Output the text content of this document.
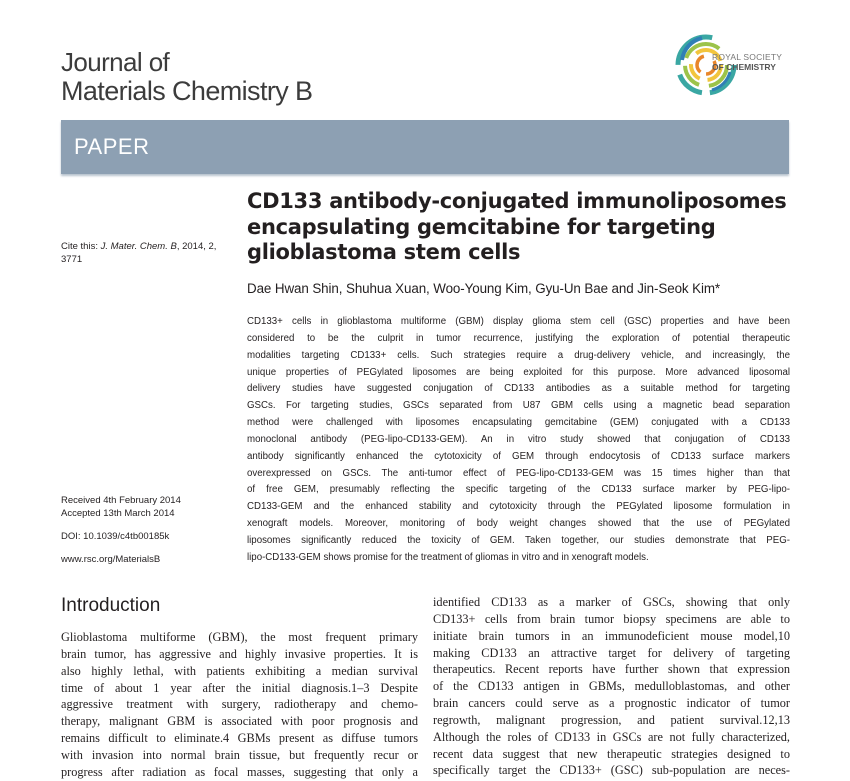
Journal of
Materials Chemistry B
ROYAL SOCIETY
OF CHEMISTRY
PAPER
CD133 antibody-conjugated immunoliposomes
encapsulating gemcitabine for targeting
glioblastoma stem cells
Cite this: J. Mater. Chem. B, 2014, 2,
3771
Dae Hwan Shin, Shuhua Xuan, Woo-Young Kim, Gyu-Un Bae and Jin-Seok Kim*
CD133+ cells in glioblastoma multiforme (GBM) display glioma stem cell (GSC) properties and have been
considered to be the culprit in tumor recurrence, justifying the exploration of potential therapeutic
modalities targeting CD133+ cells. Such strategies require a drug-delivery vehicle, and increasingly, the
unique properties of PEGylated liposomes are being exploited for this purpose. More advanced liposomal
delivery studies have suggested conjugation of CD133 antibodies as a suitable method for targeting
GSCs. For targeting studies, GSCs separated from U87 GBM cells using a magnetic bead separation
method were challenged with liposomes encapsulating gemcitabine (GEM) conjugated with a CD133
monoclonal antibody (PEG-lipo-CD133-GEM). An in vitro study showed that conjugation of CD133
antibody significantly enhanced the cytotoxicity of GEM through endocytosis of CD133 surface markers
overexpressed on GSCs. The anti-tumor effect of PEG-lipo-CD133-GEM was 15 times higher than that
of free GEM, presumably reflecting the specific targeting of the CD133 surface marker by PEG-lipo-
CD133-GEM and the enhanced stability and cytotoxicity through the PEGylated liposome formulation in
xenograft models. Moreover, monitoring of body weight changes showed that the use of PEGylated
liposomes significantly reduced the toxicity of GEM. Taken together, our studies demonstrate that PEG-
lipo-CD133-GEM shows promise for the treatment of gliomas in vitro and in xenograft models.
Received 4th February 2014
Accepted 13th March 2014
DOI: 10.1039/c4tb00185k
www.rsc.org/MaterialsB
Introduction
Glioblastoma multiforme (GBM), the most frequent primary
brain tumor, has aggressive and highly invasive properties. It is
also highly lethal, with patients exhibiting a median survival
time of about 1 year after the initial diagnosis.1–3 Despite
aggressive treatment with surgery, radiotherapy and chemo-
therapy, malignant GBM is associated with poor prognosis and
remains difficult to eliminate.4 GBMs present as diffuse tumors
with invasion into normal brain tissue, but frequently recur or
progress after radiation as focal masses, suggesting that only a
identified CD133 as a marker of GSCs, showing that only
CD133+ cells from brain tumor biopsy specimens are able to
initiate brain tumors in an immunodeficient mouse model,10
making CD133 an attractive target for delivery of targeting
therapeutics. Recent reports have further shown that expression
of the CD133 antigen in GBMs, medulloblastomas, and other
brain cancers could serve as a prognostic indicator of tumor
regrowth, malignant progression, and patient survival.12,13
Although the roles of CD133 in GSCs are not fully characterized,
recent data suggest that new therapeutic strategies designed to
specifically target the CD133+ (GSC) sub-population are neces-
